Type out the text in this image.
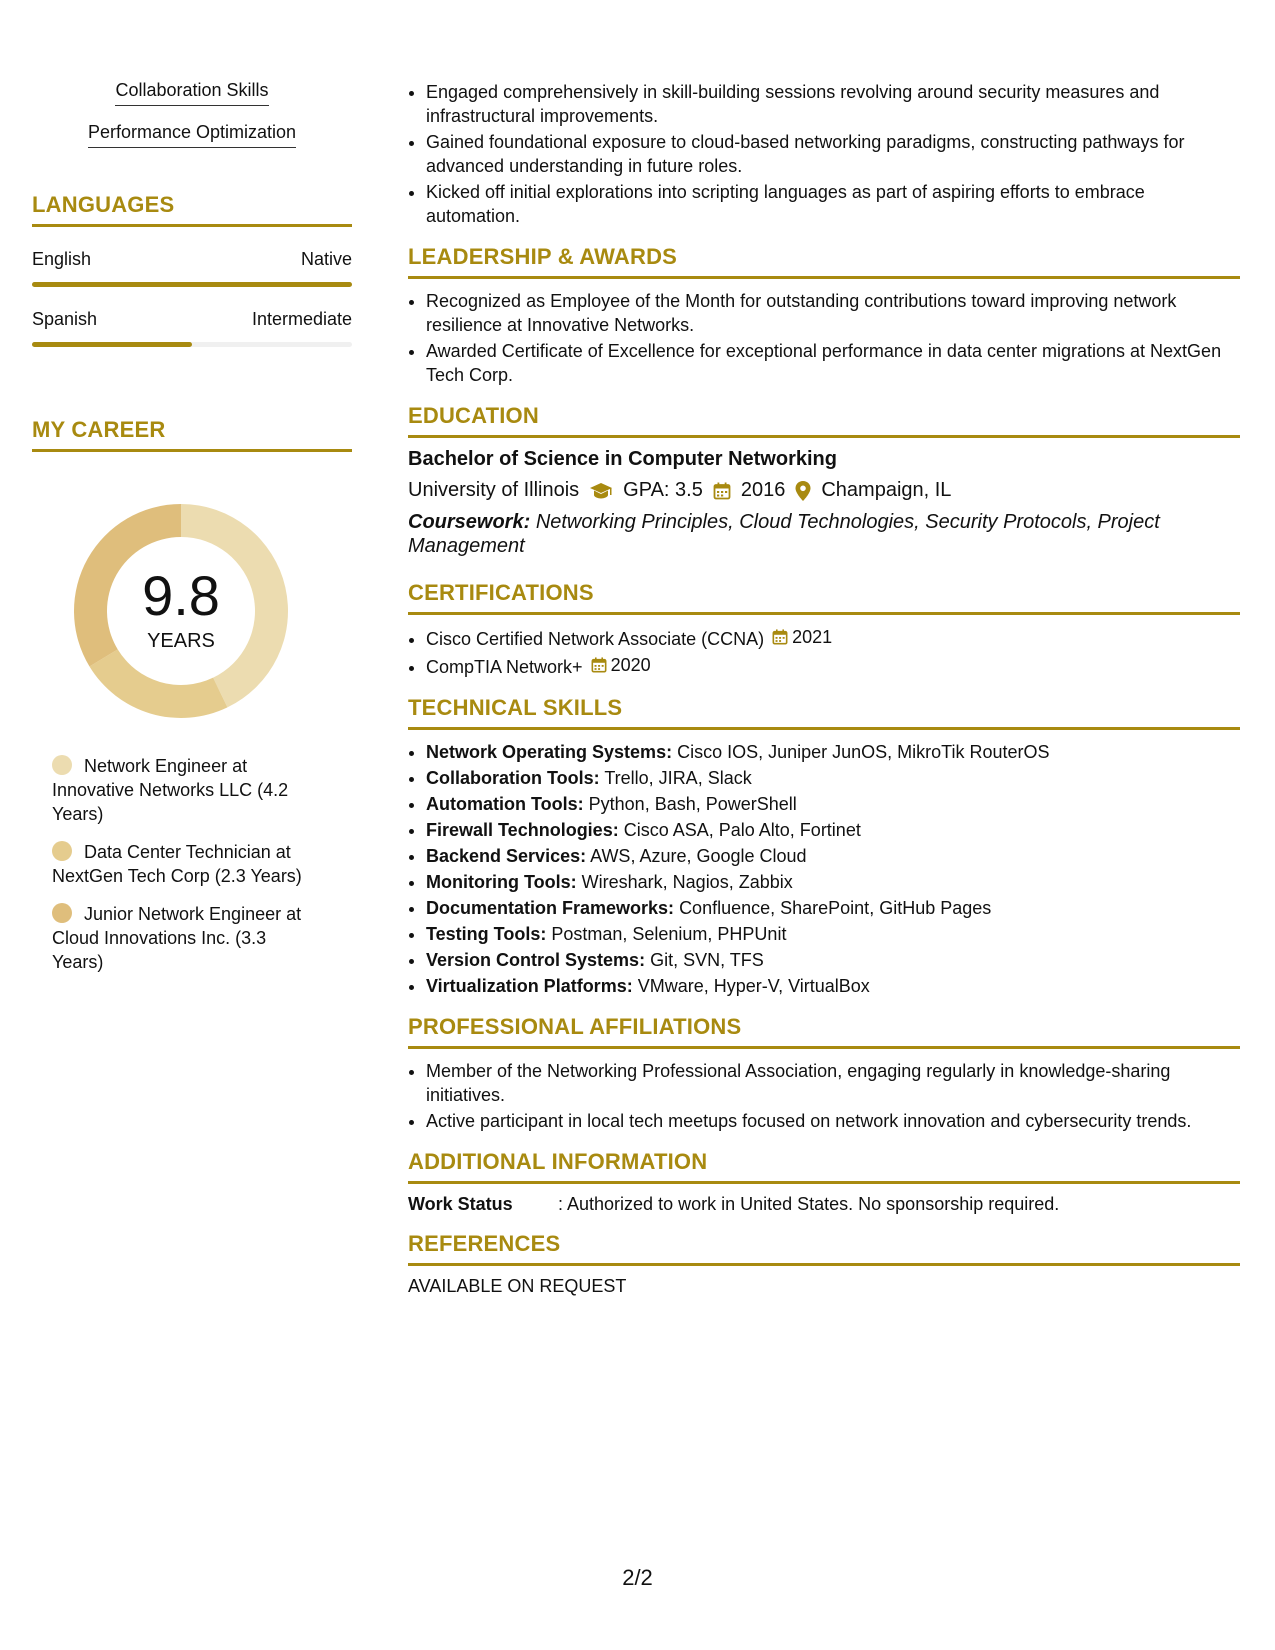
Collaboration Skills
Performance Optimization
LANGUAGES
English	Native
Spanish	Intermediate
MY CAREER
9.8
YEARS
Network Engineer at Innovative Networks LLC (4.2 Years)
Data Center Technician at NextGen Tech Corp (2.3 Years)
Junior Network Engineer at Cloud Innovations Inc. (3.3 Years)
• Engaged comprehensively in skill-building sessions revolving around security measures and infrastructural improvements.
• Gained foundational exposure to cloud-based networking paradigms, constructing pathways for advanced understanding in future roles.
• Kicked off initial explorations into scripting languages as part of aspiring efforts to embrace automation.
LEADERSHIP & AWARDS
• Recognized as Employee of the Month for outstanding contributions toward improving network resilience at Innovative Networks.
• Awarded Certificate of Excellence for exceptional performance in data center migrations at NextGen Tech Corp.
EDUCATION
Bachelor of Science in Computer Networking
University of Illinois GPA: 3.5 2016 Champaign, IL
Coursework: Networking Principles, Cloud Technologies, Security Protocols, Project Management
CERTIFICATIONS
• Cisco Certified Network Associate (CCNA) 2021
• CompTIA Network+ 2020
TECHNICAL SKILLS
• Network Operating Systems: Cisco IOS, Juniper JunOS, MikroTik RouterOS
• Collaboration Tools: Trello, JIRA, Slack
• Automation Tools: Python, Bash, PowerShell
• Firewall Technologies: Cisco ASA, Palo Alto, Fortinet
• Backend Services: AWS, Azure, Google Cloud
• Monitoring Tools: Wireshark, Nagios, Zabbix
• Documentation Frameworks: Confluence, SharePoint, GitHub Pages
• Testing Tools: Postman, Selenium, PHPUnit
• Version Control Systems: Git, SVN, TFS
• Virtualization Platforms: VMware, Hyper-V, VirtualBox
PROFESSIONAL AFFILIATIONS
• Member of the Networking Professional Association, engaging regularly in knowledge-sharing initiatives.
• Active participant in local tech meetups focused on network innovation and cybersecurity trends.
ADDITIONAL INFORMATION
Work Status	: Authorized to work in United States. No sponsorship required.
REFERENCES
AVAILABLE ON REQUEST
2/2
